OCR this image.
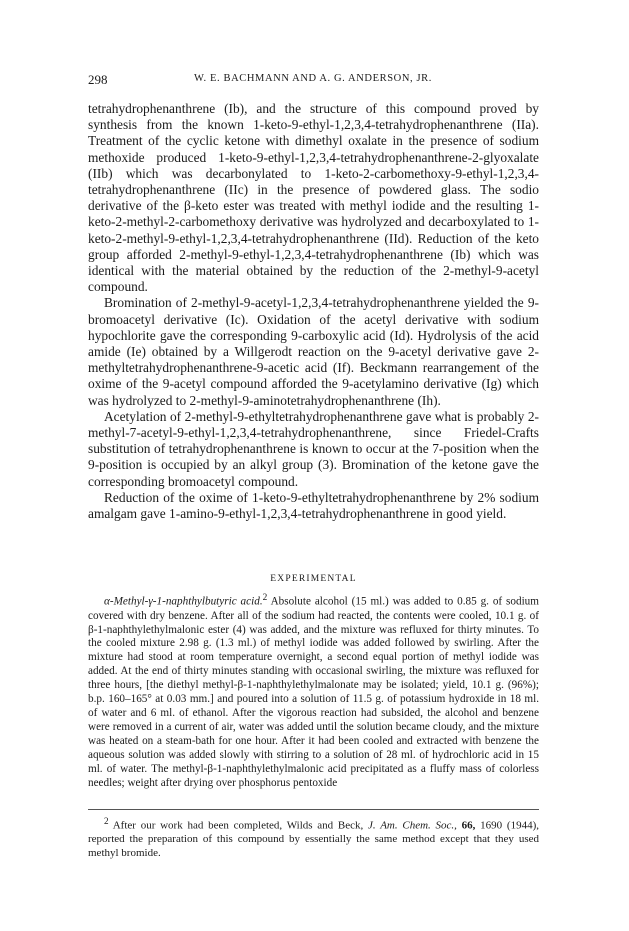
298	W. E. BACHMANN AND A. G. ANDERSON, JR.

tetrahydrophenanthrene (Ib), and the structure of this compound proved by synthesis from the known 1-keto-9-ethyl-1,2,3,4-tetrahydrophenanthrene (IIa). Treatment of the cyclic ketone with dimethyl oxalate in the presence of sodium methoxide produced 1-keto-9-ethyl-1,2,3,4-tetrahydrophenanthrene-2-glyoxalate (IIb) which was decarbonylated to 1-keto-2-carbomethoxy-9-ethyl-1,2,3,4-tetrahydrophenanthrene (IIc) in the presence of powdered glass. The sodio derivative of the β-keto ester was treated with methyl iodide and the resulting 1-keto-2-methyl-2-carbomethoxy derivative was hydrolyzed and decarboxylated to 1-keto-2-methyl-9-ethyl-1,2,3,4-tetrahydrophenanthrene (IId). Reduction of the keto group afforded 2-methyl-9-ethyl-1,2,3,4-tetrahydrophenanthrene (Ib) which was identical with the material obtained by the reduction of the 2-methyl-9-acetyl compound.

Bromination of 2-methyl-9-acetyl-1,2,3,4-tetrahydrophenanthrene yielded the 9-bromoacetyl derivative (Ic). Oxidation of the acetyl derivative with sodium hypochlorite gave the corresponding 9-carboxylic acid (Id). Hydrolysis of the acid amide (Ie) obtained by a Willgerodt reaction on the 9-acetyl derivative gave 2-methyltetrahydrophenanthrene-9-acetic acid (If). Beckmann rearrangement of the oxime of the 9-acetyl compound afforded the 9-acetylamino derivative (Ig) which was hydrolyzed to 2-methyl-9-aminotetrahydrophenanthrene (Ih).

Acetylation of 2-methyl-9-ethyltetrahydrophenanthrene gave what is probably 2-methyl-7-acetyl-9-ethyl-1,2,3,4-tetrahydrophenanthrene, since Friedel-Crafts substitution of tetrahydrophenanthrene is known to occur at the 7-position when the 9-position is occupied by an alkyl group (3). Bromination of the ketone gave the corresponding bromoacetyl compound.

Reduction of the oxime of 1-keto-9-ethyltetrahydrophenanthrene by 2% sodium amalgam gave 1-amino-9-ethyl-1,2,3,4-tetrahydrophenanthrene in good yield.

EXPERIMENTAL

α-Methyl-γ-1-naphthylbutyric acid.$^2$ Absolute alcohol (15 ml.) was added to 0.85 g. of sodium covered with dry benzene. After all of the sodium had reacted, the contents were cooled, 10.1 g. of β-1-naphthylethylmalonic ester (4) was added, and the mixture was refluxed for thirty minutes. To the cooled mixture 2.98 g. (1.3 ml.) of methyl iodide was added followed by swirling. After the mixture had stood at room temperature overnight, a second equal portion of methyl iodide was added. At the end of thirty minutes standing with occasional swirling, the mixture was refluxed for three hours, [the diethyl methyl-β-1-naphthylethylmalonate may be isolated; yield, 10.1 g. (96%); b.p. 160–165° at 0.03 mm.] and poured into a solution of 11.5 g. of potassium hydroxide in 18 ml. of water and 6 ml. of ethanol. After the vigorous reaction had subsided, the alcohol and benzene were removed in a current of air, water was added until the solution became cloudy, and the mixture was heated on a steam-bath for one hour. After it had been cooled and extracted with benzene the aqueous solution was added slowly with stirring to a solution of 28 ml. of hydrochloric acid in 15 ml. of water. The methyl-β-1-naphthylethylmalonic acid precipitated as a fluffy mass of colorless needles; weight after drying over phosphorus pentoxide

$^2$ After our work had been completed, Wilds and Beck, J. Am. Chem. Soc., 66, 1690 (1944), reported the preparation of this compound by essentially the same method except that they used methyl bromide.
